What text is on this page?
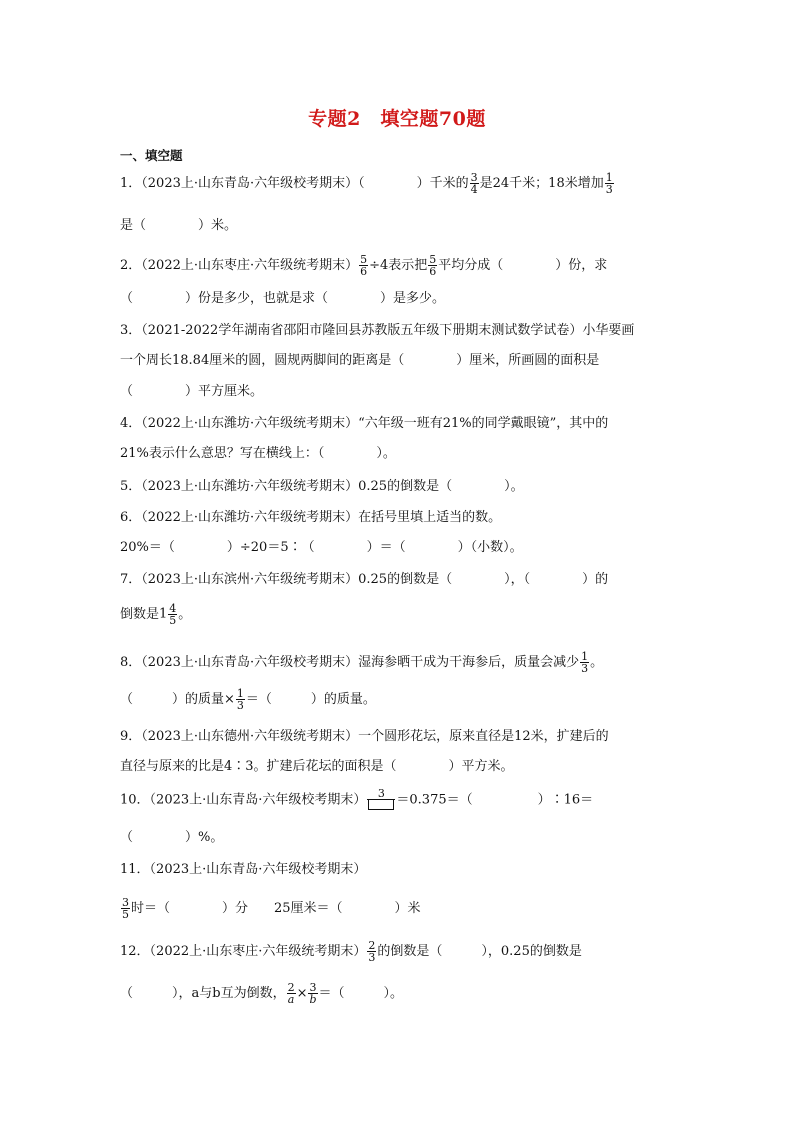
专题2　填空题70题
一、填空题
1．（2023上·山东青岛·六年级校考期末）（　　　　）千米的 $\frac{3}{4}$ 是24千米；18米增加 $\frac{1}{3}$
是（　　　　）米。
2．（2022上·山东枣庄·六年级统考期末） $\frac{5}{6} \div 4$表示把 $\frac{5}{6}$ 平均分成（　　　　）份，求
（　　　　）份是多少，也就是求（　　　　）是多少。
3．（2021-2022学年湖南省邵阳市隆回县苏教版五年级下册期末测试数学试卷）小华要画
一个周长18.84厘米的圆，圆规两脚间的距离是（　　　　）厘米，所画圆的面积是
（　　　　）平方厘米。
4．（2022上·山东潍坊·六年级统考期末）“六年级一班有21%的同学戴眼镜”，其中的
21%表示什么意思？写在横线上：（　　　　）。
5．（2023上·山东潍坊·六年级统考期末）0.25的倒数是（　　　　）。
6．（2022上·山东潍坊·六年级统考期末）在括号里填上适当的数。
20%＝（　　　　）÷20＝5∶（　　　　）＝（　　　　）（小数）。
7．（2023上·山东滨州·六年级统考期末）0.25的倒数是（　　　　），（　　　　）的
倒数是$1 \frac{4}{5}$ 。
8．（2023上·山东青岛·六年级校考期末）湿海参晒干成为干海参后，质量会减少 $\frac{1}{3}$ 。
（　　　）的质量× $\frac{1}{3}$ ＝（　　　）的质量。
9．（2023上·山东德州·六年级统考期末）一个圆形花坛，原来直径是12米，扩建后的
直径与原来的比是4∶3。扩建后花坛的面积是（　　　　）平方米。
10．（2023上·山东青岛·六年级校考期末）	3 ＝0.375＝（　　　　　）∶16＝
（　　　　）%。
11．（2023上·山东青岛·六年级校考期末）
$\frac{3}{5}$ 时＝（　　　　）分　　25厘米＝（　　　　）米
12．（2022上·山东枣庄·六年级统考期末） $\frac{2}{3}$ 的倒数是（　　　），0.25的倒数是
（　　　），a与b互为倒数， $\frac{2}{a} \times \frac{3}{b}$ ＝（　　　）。
